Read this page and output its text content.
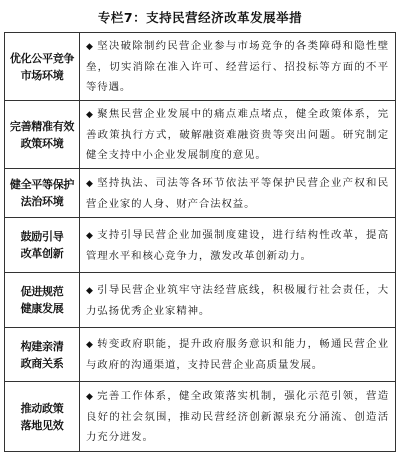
专栏7：支持民营经济改革发展举措
优化公平竞争
市场环境	◆ 坚决破除制约民营企业参与市场竞争的各类障碍和隐性壁垒，切实消除在准入许可、经营运行、招投标等方面的不平等待遇。

完善精准有效
政策环境	◆ 聚焦民营企业发展中的痛点难点堵点，健全政策体系，完善政策执行方式，破解融资难融资贵等突出问题。研究制定健全支持中小企业发展制度的意见。

健全平等保护
法治环境	◆ 坚持执法、司法等各环节依法平等保护民营企业产权和民营企业家的人身、财产合法权益。

鼓励引导
改革创新	◆ 支持引导民营企业加强制度建设，进行结构性改革，提高管理水平和核心竞争力，激发改革创新动力。

促进规范
健康发展	◆ 引导民营企业筑牢守法经营底线，积极履行社会责任，大力弘扬优秀企业家精神。

构建亲清
政商关系	◆ 转变政府职能，提升政府服务意识和能力，畅通民营企业与政府的沟通渠道，支持民营企业高质量发展。

推动政策
落地见效	◆ 完善工作体系，健全政策落实机制，强化示范引领，营造良好的社会氛围，推动民营经济创新源泉充分涌流、创造活力充分迸发。
